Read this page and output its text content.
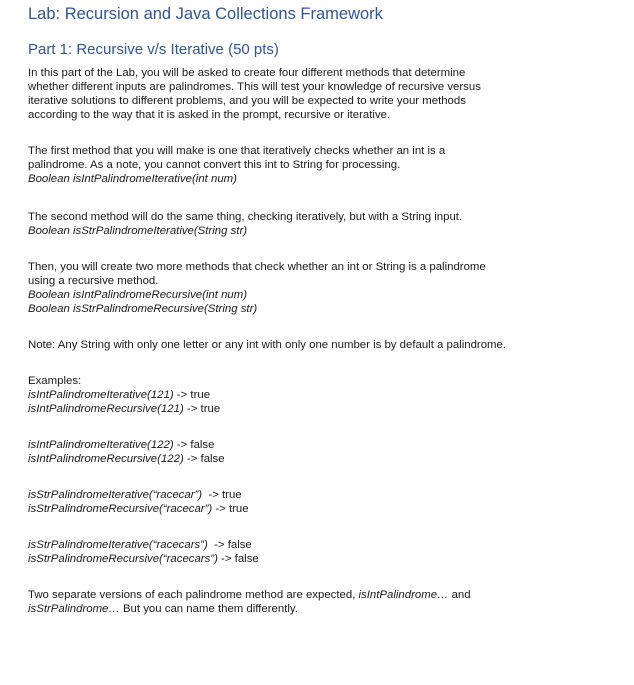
Lab: Recursion and Java Collections Framework
Part 1: Recursive v/s Iterative (50 pts)
In this part of the Lab, you will be asked to create four different methods that determine
whether different inputs are palindromes. This will test your knowledge of recursive versus
iterative solutions to different problems, and you will be expected to write your methods
according to the way that it is asked in the prompt, recursive or iterative.
The first method that you will make is one that iteratively checks whether an int is a
palindrome. As a note, you cannot convert this int to String for processing.
Boolean isIntPalindromeIterative(int num)
The second method will do the same thing, checking iteratively, but with a String input.
Boolean isStrPalindromeIterative(String str)
Then, you will create two more methods that check whether an int or String is a palindrome
using a recursive method.
Boolean isIntPalindromeRecursive(int num)
Boolean isStrPalindromeRecursive(String str)
Note: Any String with only one letter or any int with only one number is by default a palindrome.
Examples:
isIntPalindromeIterative(121) -> true
isIntPalindromeRecursive(121) -> true
isIntPalindromeIterative(122) -> false
isIntPalindromeRecursive(122) -> false
isStrPalindromeIterative(“racecar”)  -> true
isStrPalindromeRecursive(“racecar”) -> true
isStrPalindromeIterative(“racecars”)  -> false
isStrPalindromeRecursive(“racecars”) -> false
Two separate versions of each palindrome method are expected, isIntPalindrome… and
isStrPalindrome… But you can name them differently.
